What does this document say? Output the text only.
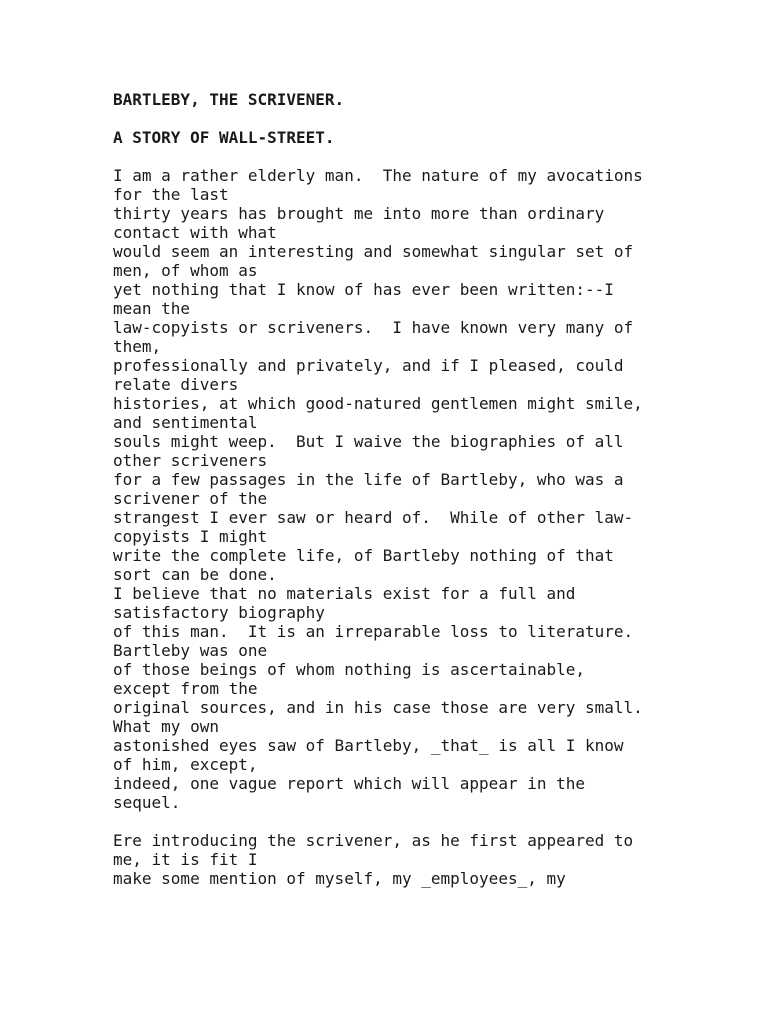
BARTLEBY, THE SCRIVENER.
A STORY OF WALL-STREET.
I am a rather elderly man.  The nature of my avocations
for the last
thirty years has brought me into more than ordinary
contact with what
would seem an interesting and somewhat singular set of
men, of whom as
yet nothing that I know of has ever been written:--I
mean the
law-copyists or scriveners.  I have known very many of
them,
professionally and privately, and if I pleased, could
relate divers
histories, at which good-natured gentlemen might smile,
and sentimental
souls might weep.  But I waive the biographies of all
other scriveners
for a few passages in the life of Bartleby, who was a
scrivener of the
strangest I ever saw or heard of.  While of other law-
copyists I might
write the complete life, of Bartleby nothing of that
sort can be done.
I believe that no materials exist for a full and
satisfactory biography
of this man.  It is an irreparable loss to literature.
Bartleby was one
of those beings of whom nothing is ascertainable,
except from the
original sources, and in his case those are very small.
What my own
astonished eyes saw of Bartleby, _that_ is all I know
of him, except,
indeed, one vague report which will appear in the
sequel.
Ere introducing the scrivener, as he first appeared to
me, it is fit I
make some mention of myself, my _employees_, my
